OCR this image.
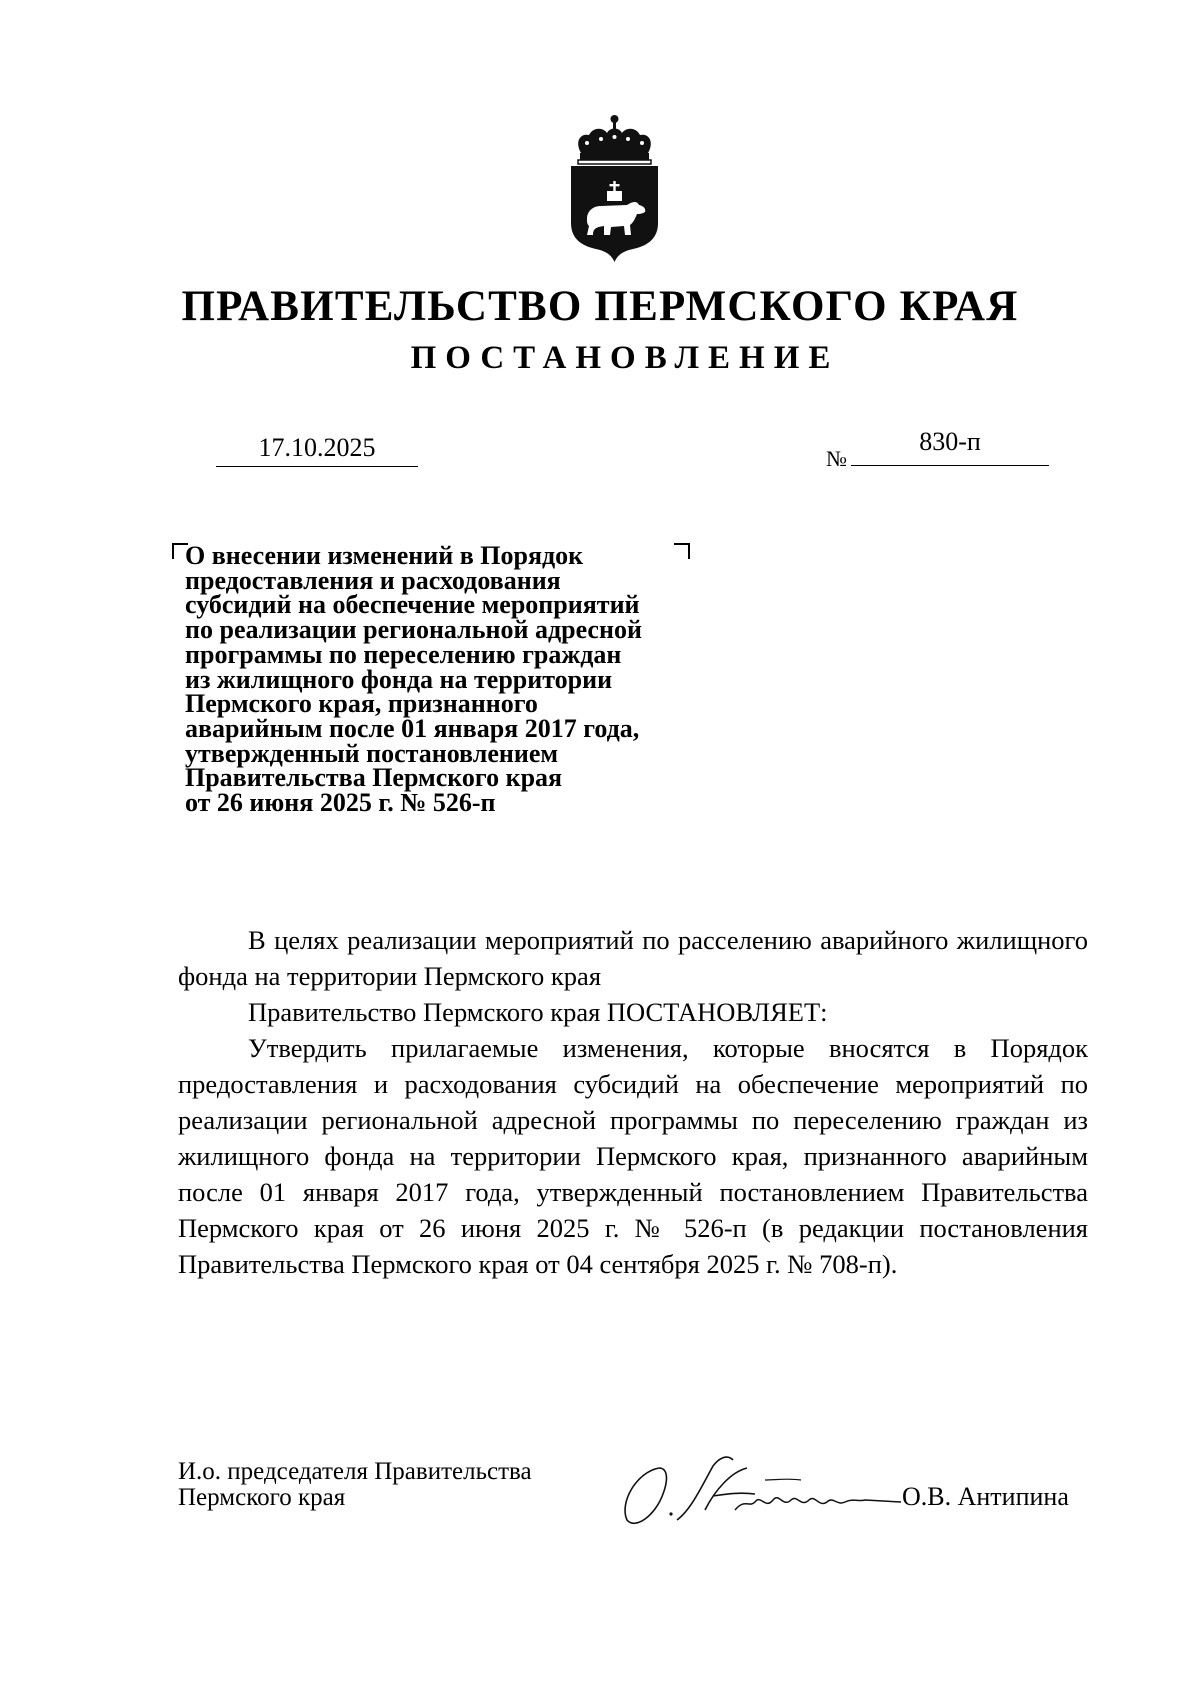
ПРАВИТЕЛЬСТВО ПЕРМСКОГО КРАЯ
ПОСТАНОВЛЕНИЕ
17.10.2025	№
830-п
О внесении изменений в Порядок
предоставления и расходования
субсидий на обеспечение мероприятий
по реализации региональной адресной
программы по переселению граждан
из жилищного фонда на территории
Пермского края, признанного
аварийным после 01 января 2017 года,
утвержденный постановлением
Правительства Пермского края
от 26 июня 2025 г. № 526-п

В целях реализации мероприятий по расселению аварийного жилищного фонда на территории Пермского края

Правительство Пермского края ПОСТАНОВЛЯЕТ:

Утвердить прилагаемые изменения, которые вносятся в Порядок предоставления и расходования субсидий на обеспечение мероприятий по реализации региональной адресной программы по переселению граждан из жилищного фонда на территории Пермского края, признанного аварийным после 01 января 2017 года, утвержденный постановлением Правительства Пермского края от 26 июня 2025 г. № 526-п (в редакции постановления Правительства Пермского края от 04 сентября 2025 г. № 708-п).

И.о. председателя Правительства
Пермского края	О.В. Антипина
